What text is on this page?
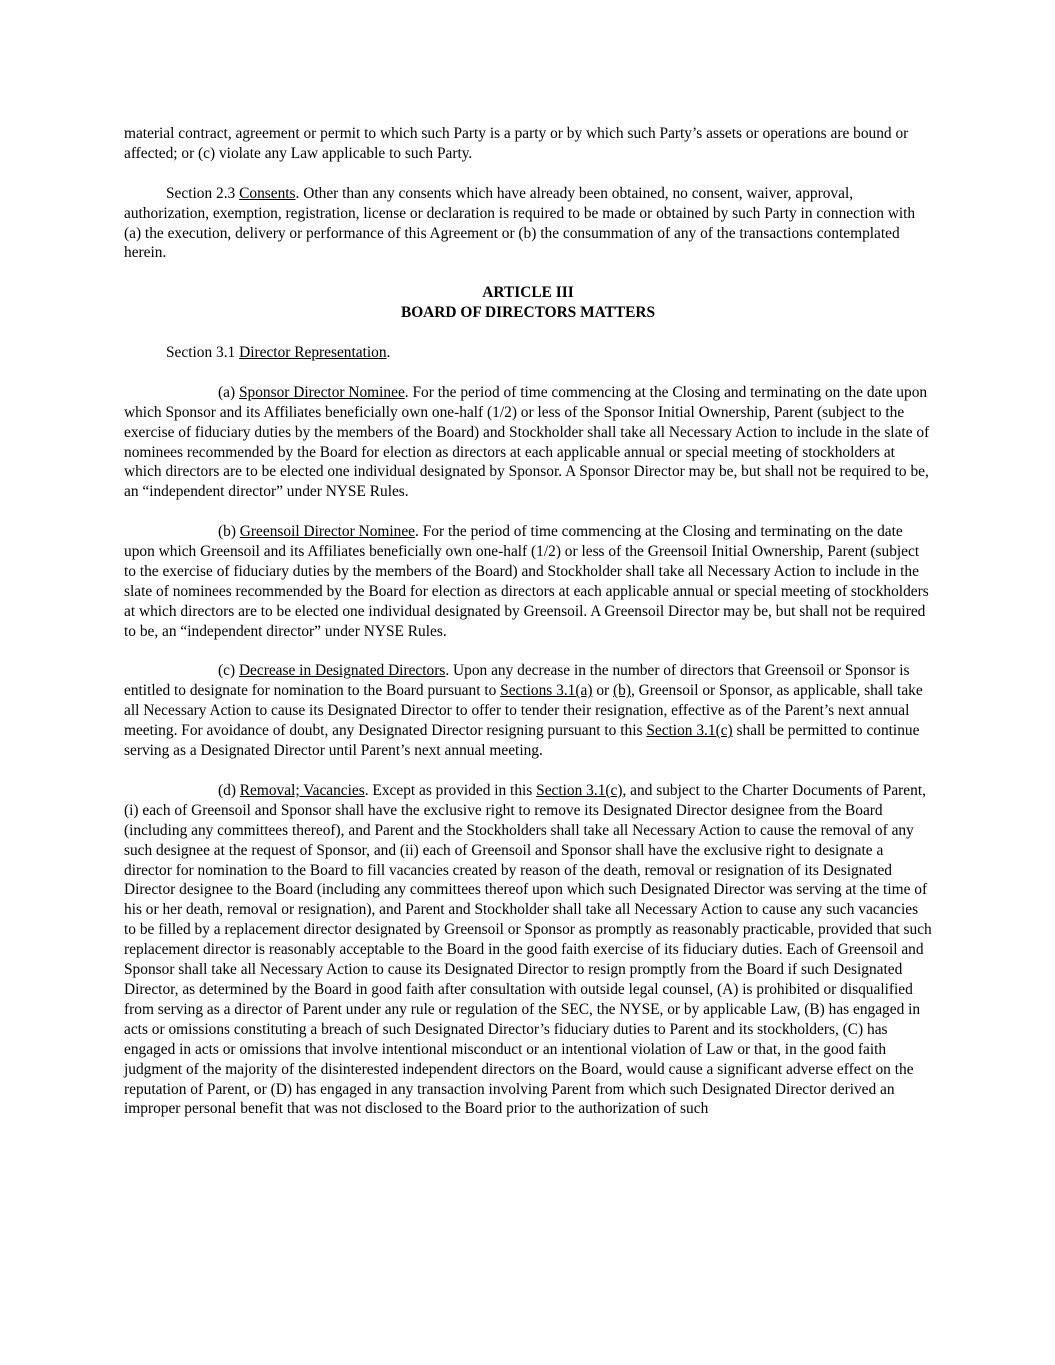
material contract, agreement or permit to which such Party is a party or by which such Party’s assets or operations are bound or affected; or (c) violate any Law applicable to such Party.

Section 2.3 Consents. Other than any consents which have already been obtained, no consent, waiver, approval, authorization, exemption, registration, license or declaration is required to be made or obtained by such Party in connection with (a) the execution, delivery or performance of this Agreement or (b) the consummation of any of the transactions contemplated herein.

ARTICLE III

BOARD OF DIRECTORS MATTERS

Section 3.1 Director Representation.

(a) Sponsor Director Nominee. For the period of time commencing at the Closing and terminating on the date upon which Sponsor and its Affiliates beneficially own one-half (1/2) or less of the Sponsor Initial Ownership, Parent (subject to the exercise of fiduciary duties by the members of the Board) and Stockholder shall take all Necessary Action to include in the slate of nominees recommended by the Board for election as directors at each applicable annual or special meeting of stockholders at which directors are to be elected one individual designated by Sponsor. A Sponsor Director may be, but shall not be required to be, an “independent director” under NYSE Rules.

(b) Greensoil Director Nominee. For the period of time commencing at the Closing and terminating on the date upon which Greensoil and its Affiliates beneficially own one-half (1/2) or less of the Greensoil Initial Ownership, Parent (subject to the exercise of fiduciary duties by the members of the Board) and Stockholder shall take all Necessary Action to include in the slate of nominees recommended by the Board for election as directors at each applicable annual or special meeting of stockholders at which directors are to be elected one individual designated by Greensoil. A Greensoil Director may be, but shall not be required to be, an “independent director” under NYSE Rules.

(c) Decrease in Designated Directors. Upon any decrease in the number of directors that Greensoil or Sponsor is entitled to designate for nomination to the Board pursuant to Sections 3.1(a) or (b), Greensoil or Sponsor, as applicable, shall take all Necessary Action to cause its Designated Director to offer to tender their resignation, effective as of the Parent’s next annual meeting. For avoidance of doubt, any Designated Director resigning pursuant to this Section 3.1(c) shall be permitted to continue serving as a Designated Director until Parent’s next annual meeting.

(d) Removal; Vacancies. Except as provided in this Section 3.1(c), and subject to the Charter Documents of Parent, (i) each of Greensoil and Sponsor shall have the exclusive right to remove its Designated Director designee from the Board (including any committees thereof), and Parent and the Stockholders shall take all Necessary Action to cause the removal of any such designee at the request of Sponsor, and (ii) each of Greensoil and Sponsor shall have the exclusive right to designate a director for nomination to the Board to fill vacancies created by reason of the death, removal or resignation of its Designated Director designee to the Board (including any committees thereof upon which such Designated Director was serving at the time of his or her death, removal or resignation), and Parent and Stockholder shall take all Necessary Action to cause any such vacancies to be filled by a replacement director designated by Greensoil or Sponsor as promptly as reasonably practicable, provided that such replacement director is reasonably acceptable to the Board in the good faith exercise of its fiduciary duties. Each of Greensoil and Sponsor shall take all Necessary Action to cause its Designated Director to resign promptly from the Board if such Designated Director, as determined by the Board in good faith after consultation with outside legal counsel, (A) is prohibited or disqualified from serving as a director of Parent under any rule or regulation of the SEC, the NYSE, or by applicable Law, (B) has engaged in acts or omissions constituting a breach of such Designated Director’s fiduciary duties to Parent and its stockholders, (C) has engaged in acts or omissions that involve intentional misconduct or an intentional violation of Law or that, in the good faith judgment of the majority of the disinterested independent directors on the Board, would cause a significant adverse effect on the reputation of Parent, or (D) has engaged in any transaction involving Parent from which such Designated Director derived an improper personal benefit that was not disclosed to the Board prior to the authorization of such
